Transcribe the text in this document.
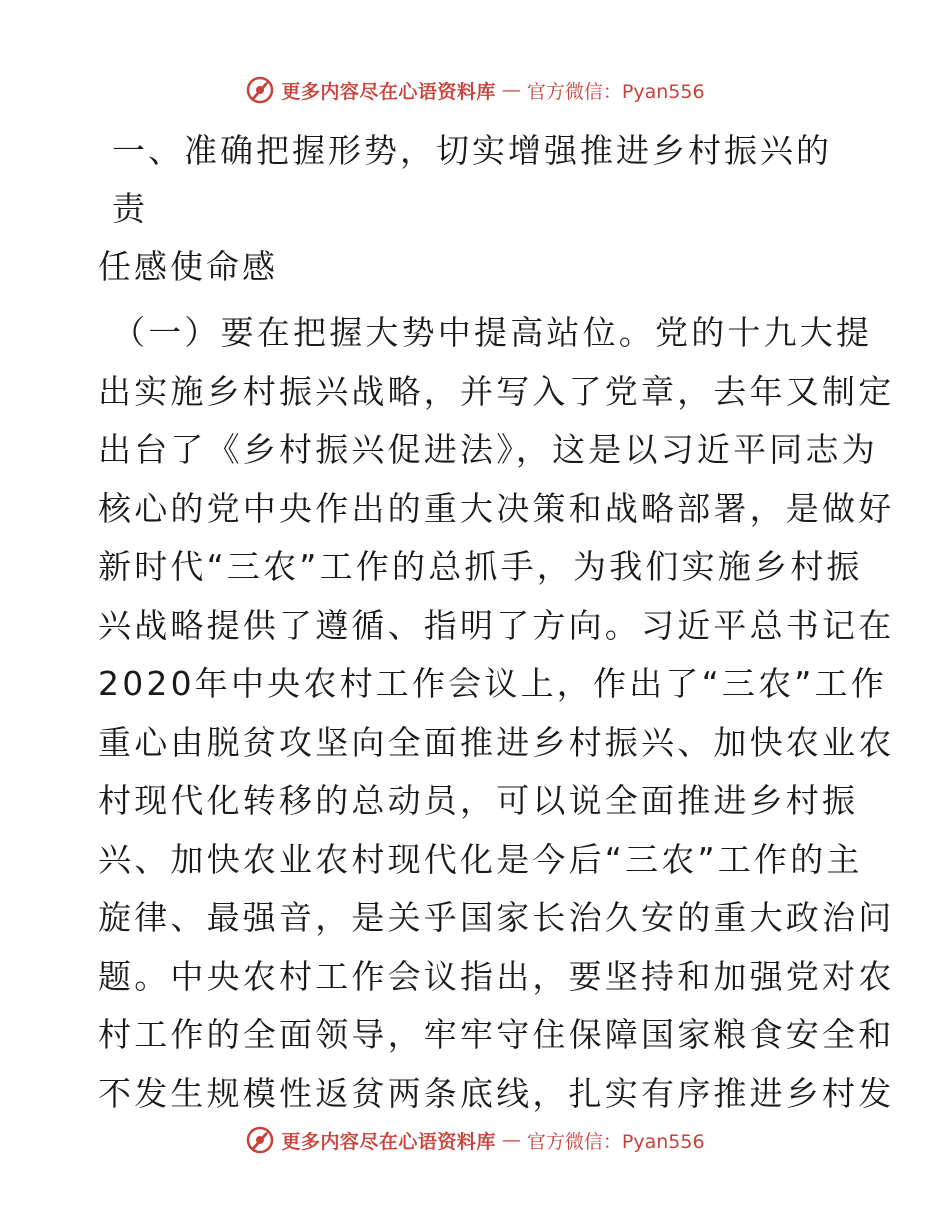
更多内容尽在心语资料库 — 官方微信：Pyan556
一、准确把握形势，切实增强推进乡村振兴的责
任感使命感

（一）要在把握大势中提高站位。党的十九大提
出实施乡村振兴战略，并写入了党章，去年又制定
出台了《乡村振兴促进法》，这是以习近平同志为
核心的党中央作出的重大决策和战略部署，是做好
新时代“三农”工作的总抓手，为我们实施乡村振
兴战略提供了遵循、指明了方向。习近平总书记在
2020年中央农村工作会议上，作出了“三农”工作
重心由脱贫攻坚向全面推进乡村振兴、加快农业农
村现代化转移的总动员，可以说全面推进乡村振
兴、加快农业农村现代化是今后“三农”工作的主
旋律、最强音，是关乎国家长治久安的重大政治问
题。中央农村工作会议指出，要坚持和加强党对农
村工作的全面领导，牢牢守住保障国家粮食安全和
不发生规模性返贫两条底线，扎实有序推进乡村发

更多内容尽在心语资料库 — 官方微信：Pyan556
